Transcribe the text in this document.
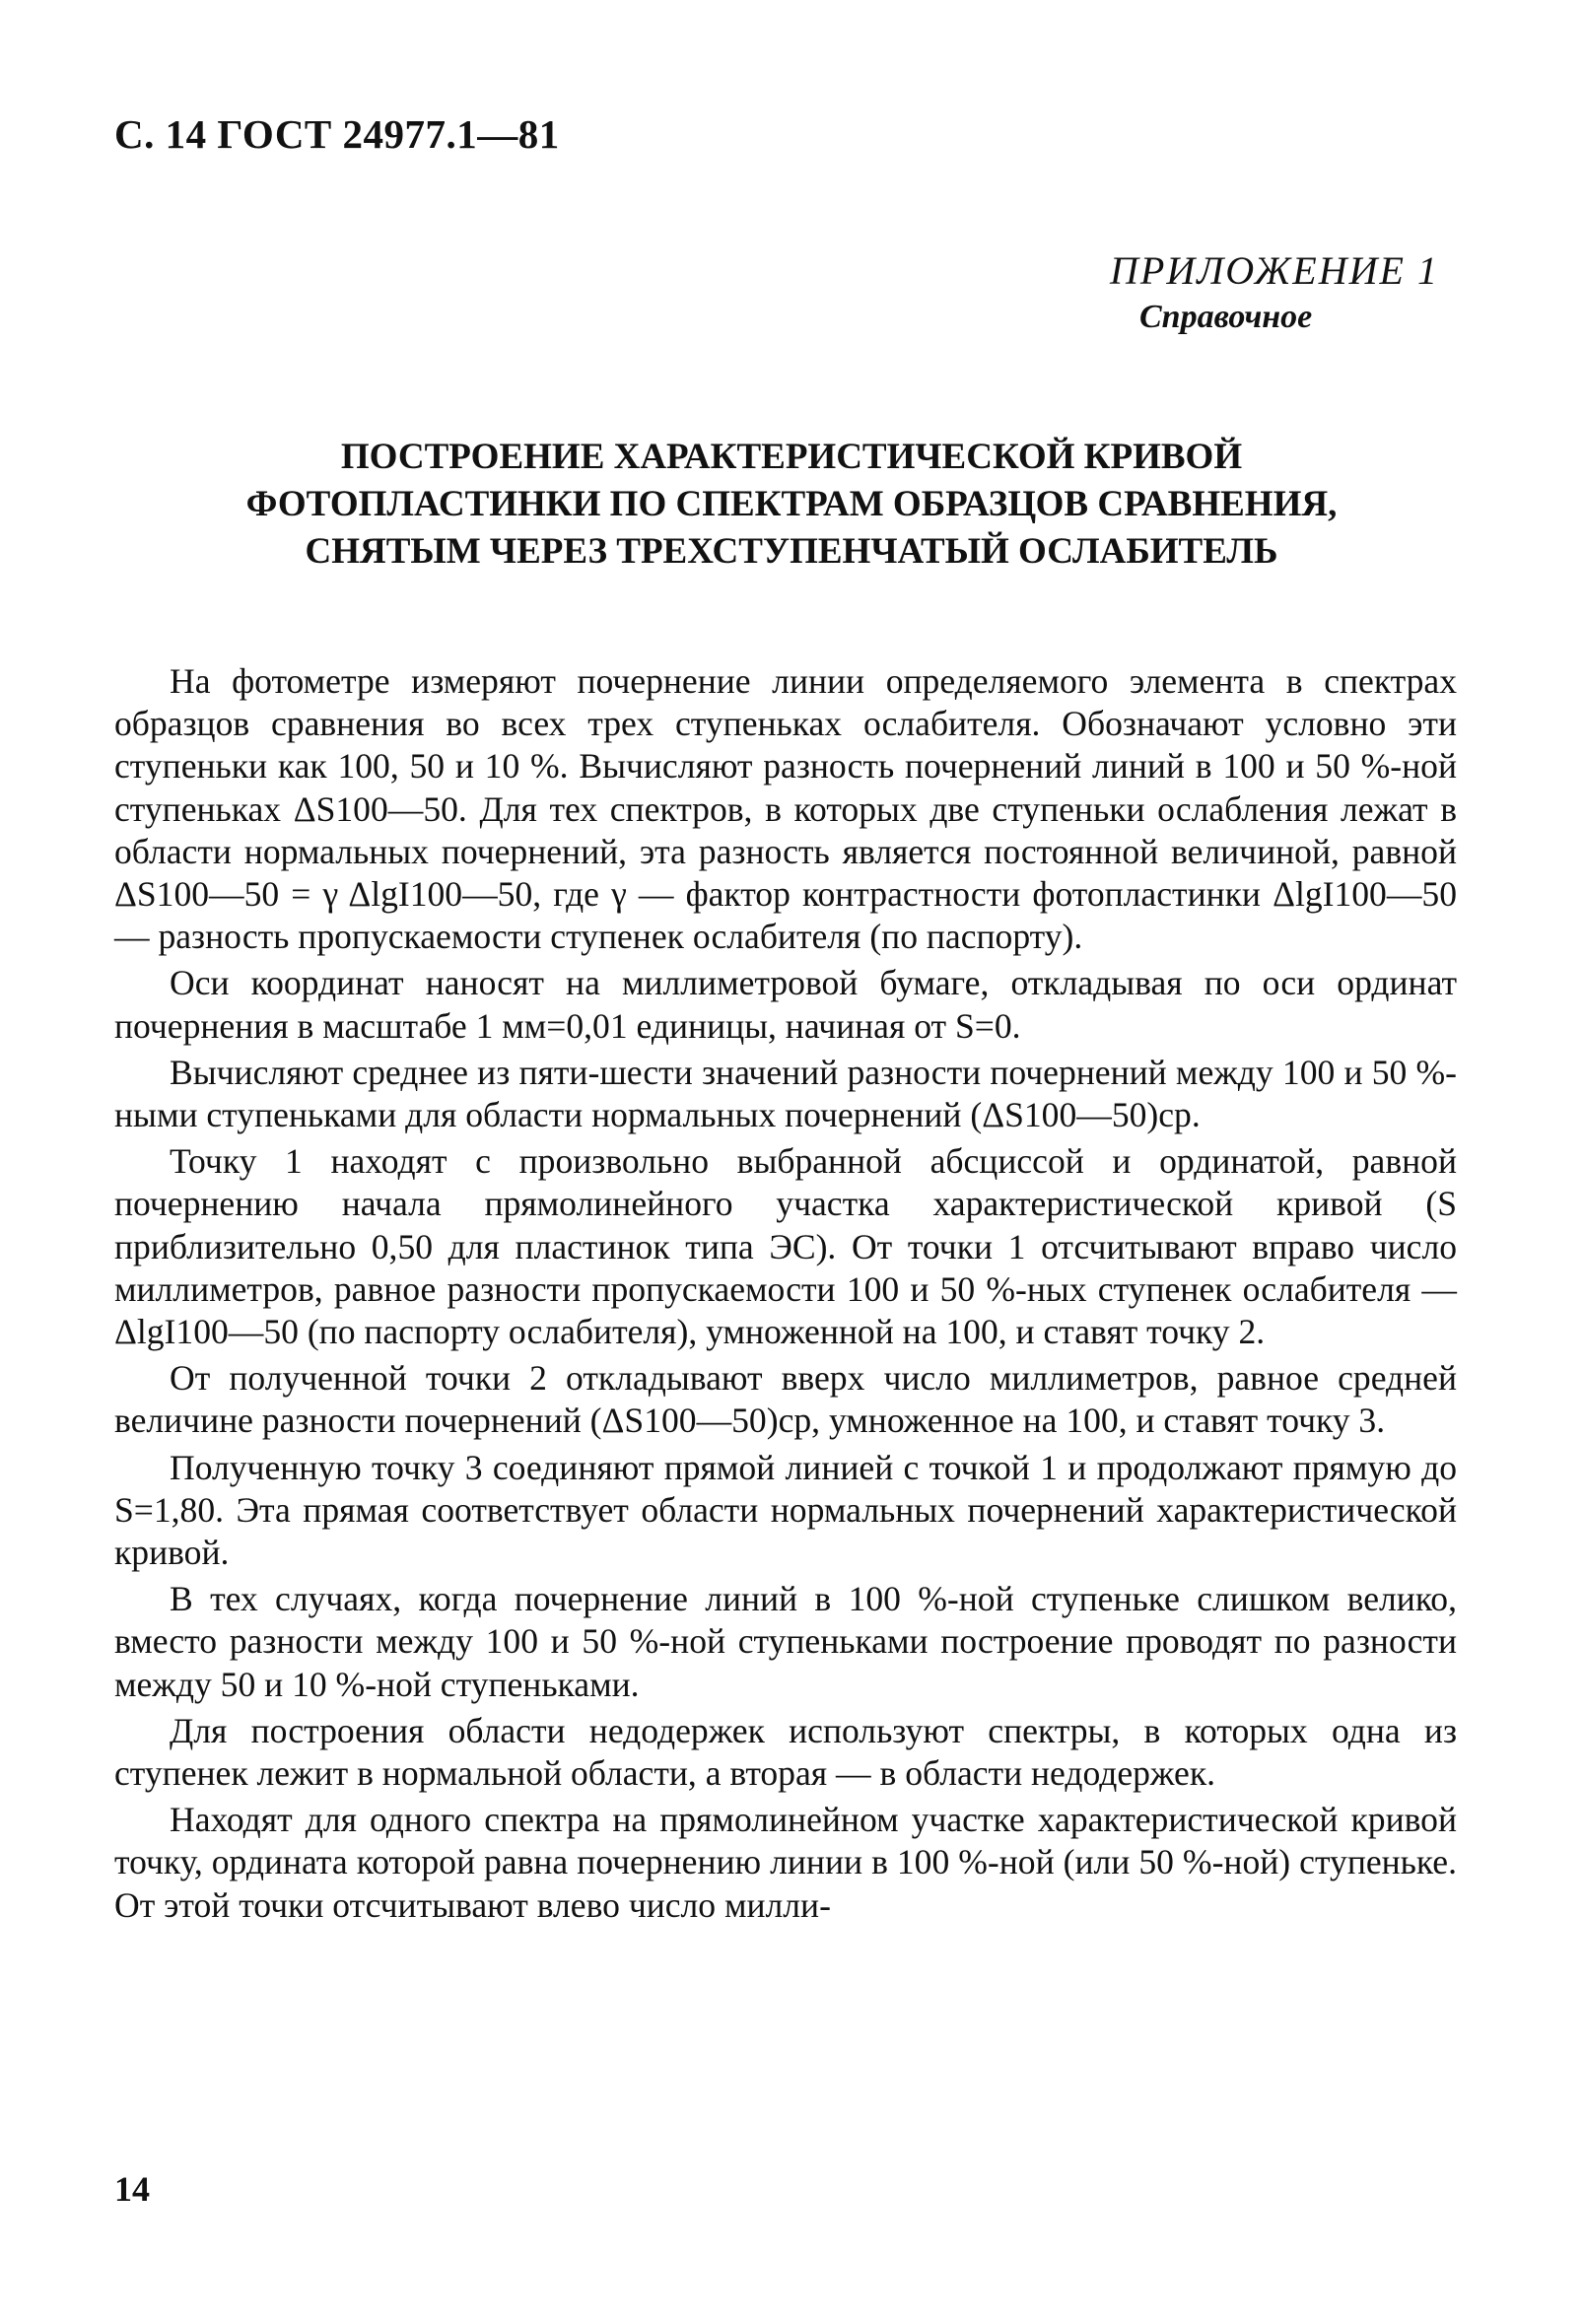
С. 14 ГОСТ 24977.1—81
ПРИЛОЖЕНИЕ 1
Справочное
ПОСТРОЕНИЕ ХАРАКТЕРИСТИЧЕСКОЙ КРИВОЙ
ФОТОПЛАСТИНКИ ПО СПЕКТРАМ ОБРАЗЦОВ СРАВНЕНИЯ,
СНЯТЫМ ЧЕРЕЗ ТРЕХСТУПЕНЧАТЫЙ ОСЛАБИТЕЛЬ

На фотометре измеряют почернение линии определяемого элемента в спектрах образцов сравнения во всех трех ступеньках ослабителя. Обозначают условно эти ступеньки как 100, 50 и 10 %. Вычисляют разность почернений линий в 100 и 50 %-ной ступеньках ΔS100—50. Для тех спектров, в которых две ступеньки ослабления лежат в области нормальных почернений, эта разность является постоянной величиной, равной ΔS100—50 = γ ΔlgI100—50, где γ — фактор контрастности фотопластинки ΔlgI100—50 — разность пропускаемости ступенек ослабителя (по паспорту).

Оси координат наносят на миллиметровой бумаге, откладывая по оси ординат почернения в масштабе 1 мм=0,01 единицы, начиная от S=0.

Вычисляют среднее из пяти-шести значений разности почернений между 100 и 50 %-ными ступеньками для области нормальных почернений (ΔS100—50)ср.

Точку 1 находят с произвольно выбранной абсциссой и ординатой, равной почернению начала прямолинейного участка характеристической кривой (S приблизительно 0,50 для пластинок типа ЭС). От точки 1 отсчитывают вправо число миллиметров, равное разности пропускаемости 100 и 50 %-ных ступенек ослабителя — ΔlgI100—50 (по паспорту ослабителя), умноженной на 100, и ставят точку 2.

От полученной точки 2 откладывают вверх число миллиметров, равное средней величине разности почернений (ΔS100—50)ср, умноженное на 100, и ставят точку 3.

Полученную точку 3 соединяют прямой линией с точкой 1 и продолжают прямую до S=1,80. Эта прямая соответствует области нормальных почернений характеристической кривой.

В тех случаях, когда почернение линий в 100 %-ной ступеньке слишком велико, вместо разности между 100 и 50 %-ной ступеньками построение проводят по разности между 50 и 10 %-ной ступеньками.

Для построения области недодержек используют спектры, в которых одна из ступенек лежит в нормальной области, а вторая — в области недодержек.

Находят для одного спектра на прямолинейном участке характеристической кривой точку, ордината которой равна почернению линии в 100 %-ной (или 50 %-ной) ступеньке. От этой точки отсчитывают влево число милли-

14
